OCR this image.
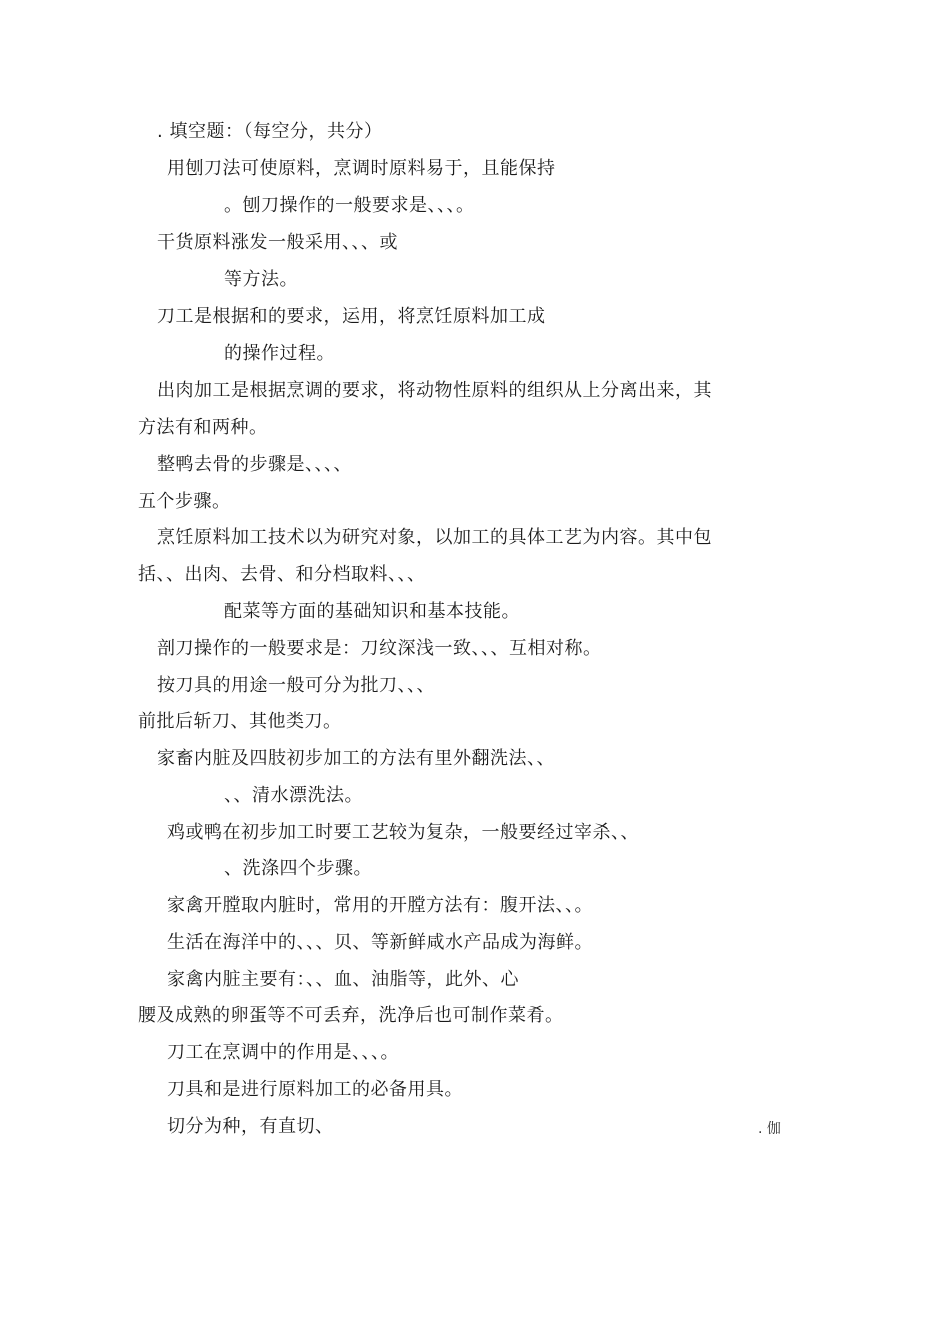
. 填空题：（每空分，共分）
用刨刀法可使原料，烹调时原料易于，且能保持
。刨刀操作的一般要求是、、、。
干货原料涨发一般采用、、、或
等方法。
刀工是根据和的要求，运用，将烹饪原料加工成
的操作过程。
出肉加工是根据烹调的要求，将动物性原料的组织从上分离出来，其
方法有和两种。
整鸭去骨的步骤是、、、、
五个步骤。
烹饪原料加工技术以为研究对象，以加工的具体工艺为内容。其中包
括、、出肉、去骨、和分档取料、、、
配菜等方面的基础知识和基本技能。
剖刀操作的一般要求是：刀纹深浅一致、、、互相对称。
按刀具的用途一般可分为批刀、、、
前批后斩刀、其他类刀。
家畜内脏及四肢初步加工的方法有里外翻洗法、、
、、清水漂洗法。
鸡或鸭在初步加工时要工艺较为复杂，一般要经过宰杀、、
、洗涤四个步骤。
家禽开膛取内脏时，常用的开膛方法有：腹开法、、。
生活在海洋中的、、、贝、等新鲜咸水产品成为海鲜。
家禽内脏主要有：、、血、油脂等，此外、心
腰及成熟的卵蛋等不可丢弃，洗净后也可制作菜肴。
刀工在烹调中的作用是、、、。
刀具和是进行原料加工的必备用具。
切分为种，有直切、	. 伽
